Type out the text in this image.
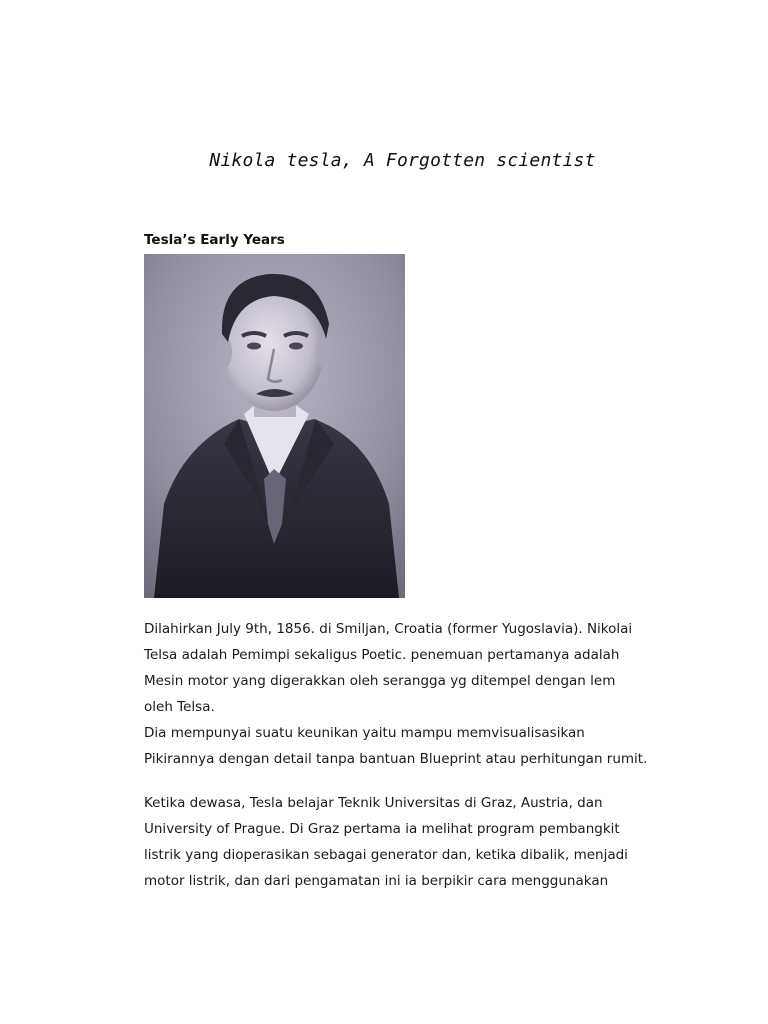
Nikola tesla, A Forgotten scientist
Tesla’s Early Years
Dilahirkan July 9th, 1856. di Smiljan, Croatia (former Yugoslavia). Nikolai
Telsa adalah Pemimpi sekaligus Poetic. penemuan pertamanya adalah
Mesin motor yang digerakkan oleh serangga yg ditempel dengan lem
oleh Telsa.
Dia mempunyai suatu keunikan yaitu mampu memvisualisasikan
Pikirannya dengan detail tanpa bantuan Blueprint atau perhitungan rumit.
Ketika dewasa, Tesla belajar Teknik Universitas di Graz, Austria, dan
University of Prague. Di Graz pertama ia melihat program pembangkit
listrik yang dioperasikan sebagai generator dan, ketika dibalik, menjadi
motor listrik, dan dari pengamatan ini ia berpikir cara menggunakan
